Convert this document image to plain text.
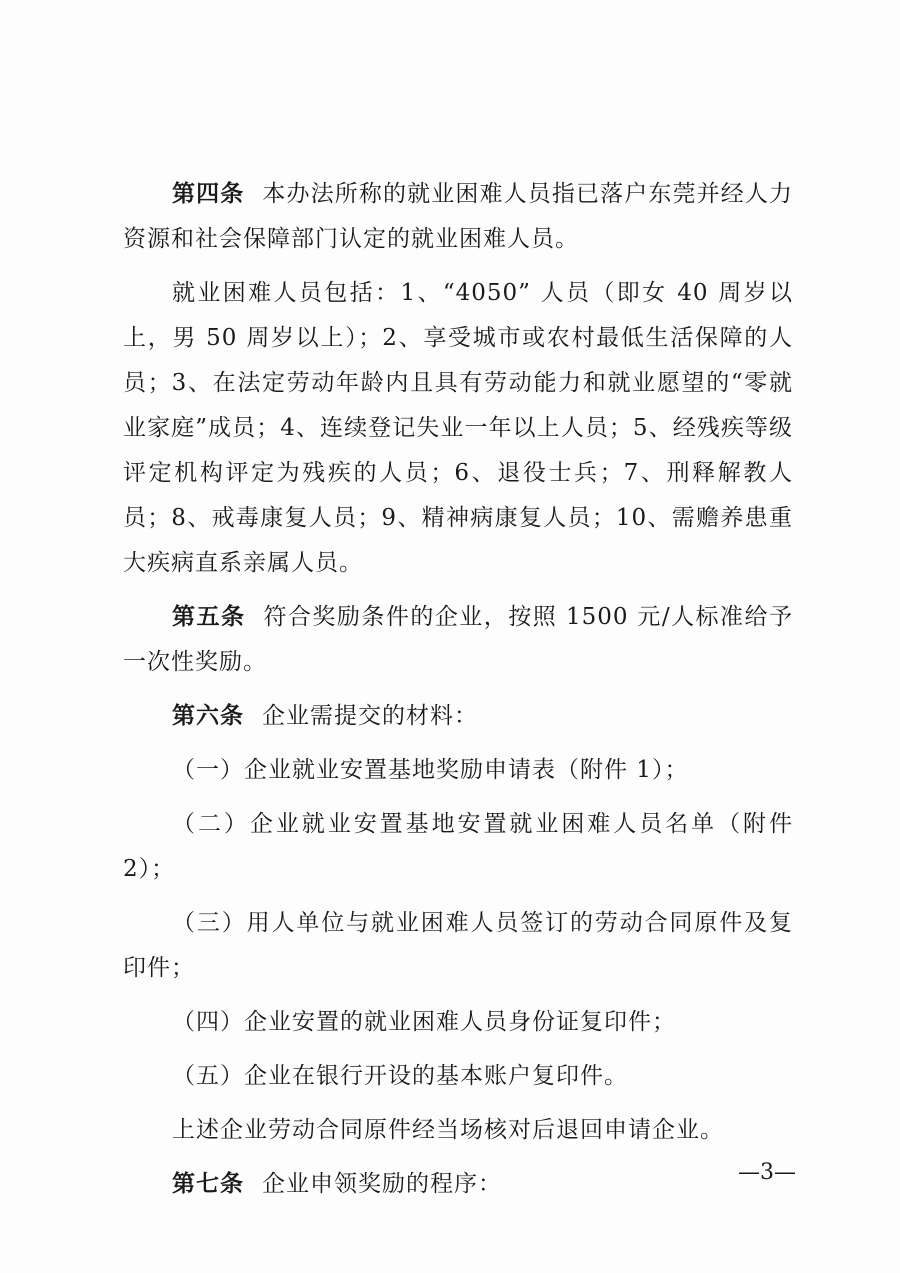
第四条 本办法所称的就业困难人员指已落户东莞并经人力资源和社会保障部门认定的就业困难人员。

就业困难人员包括：1、“4050” 人员（即女 40 周岁以上，男 50 周岁以上）；2、享受城市或农村最低生活保障的人员；3、在法定劳动年龄内且具有劳动能力和就业愿望的“零就业家庭”成员；4、连续登记失业一年以上人员；5、经残疾等级评定机构评定为残疾的人员；6、退役士兵；7、刑释解教人员；8、戒毒康复人员；9、精神病康复人员；10、需赡养患重大疾病直系亲属人员。

第五条 符合奖励条件的企业，按照 1500 元/人标准给予一次性奖励。

第六条 企业需提交的材料：

（一）企业就业安置基地奖励申请表（附件 1）；

（二）企业就业安置基地安置就业困难人员名单（附件 2）；

（三）用人单位与就业困难人员签订的劳动合同原件及复印件；

（四）企业安置的就业困难人员身份证复印件；

（五）企业在银行开设的基本账户复印件。

上述企业劳动合同原件经当场核对后退回申请企业。

第七条 企业申领奖励的程序：	—3—
